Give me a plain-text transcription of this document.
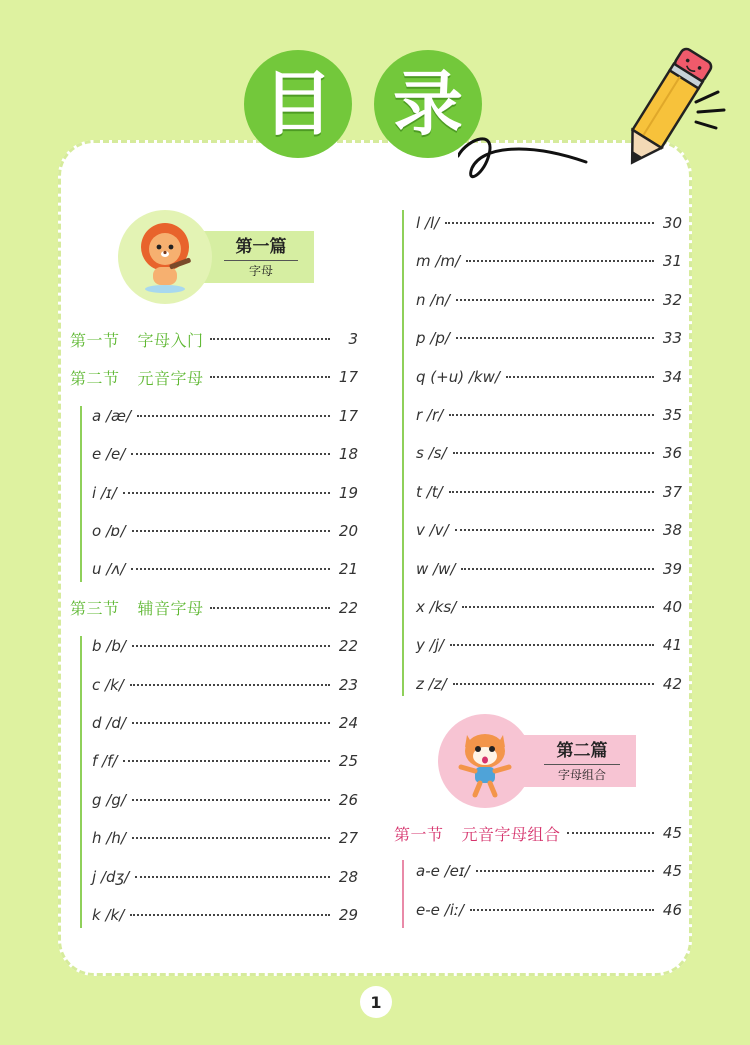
目 录
第一篇
字母
第二篇
字母组合
第一节 字母入门	3
第二节 元音字母	17
a /æ/	17
e /e/	18
i /ɪ/	19
o /ɒ/	20
u /ʌ/	21
第三节 辅音字母	22
b /b/	22
c /k/	23
d /d/	24
f /f/	25
g /g/	26
h /h/	27
j /dʒ/	28
k /k/	29
l /l/	30
m /m/	31
n /n/	32
p /p/	33
q (+u) /kw/	34
r /r/	35
s /s/	36
t /t/	37
v /v/	38
w /w/	39
x /ks/	40
y /j/	41
z /z/	42
第一节 元音字母组合	45
a-e /eɪ/	45
e-e /iː/	46
1
